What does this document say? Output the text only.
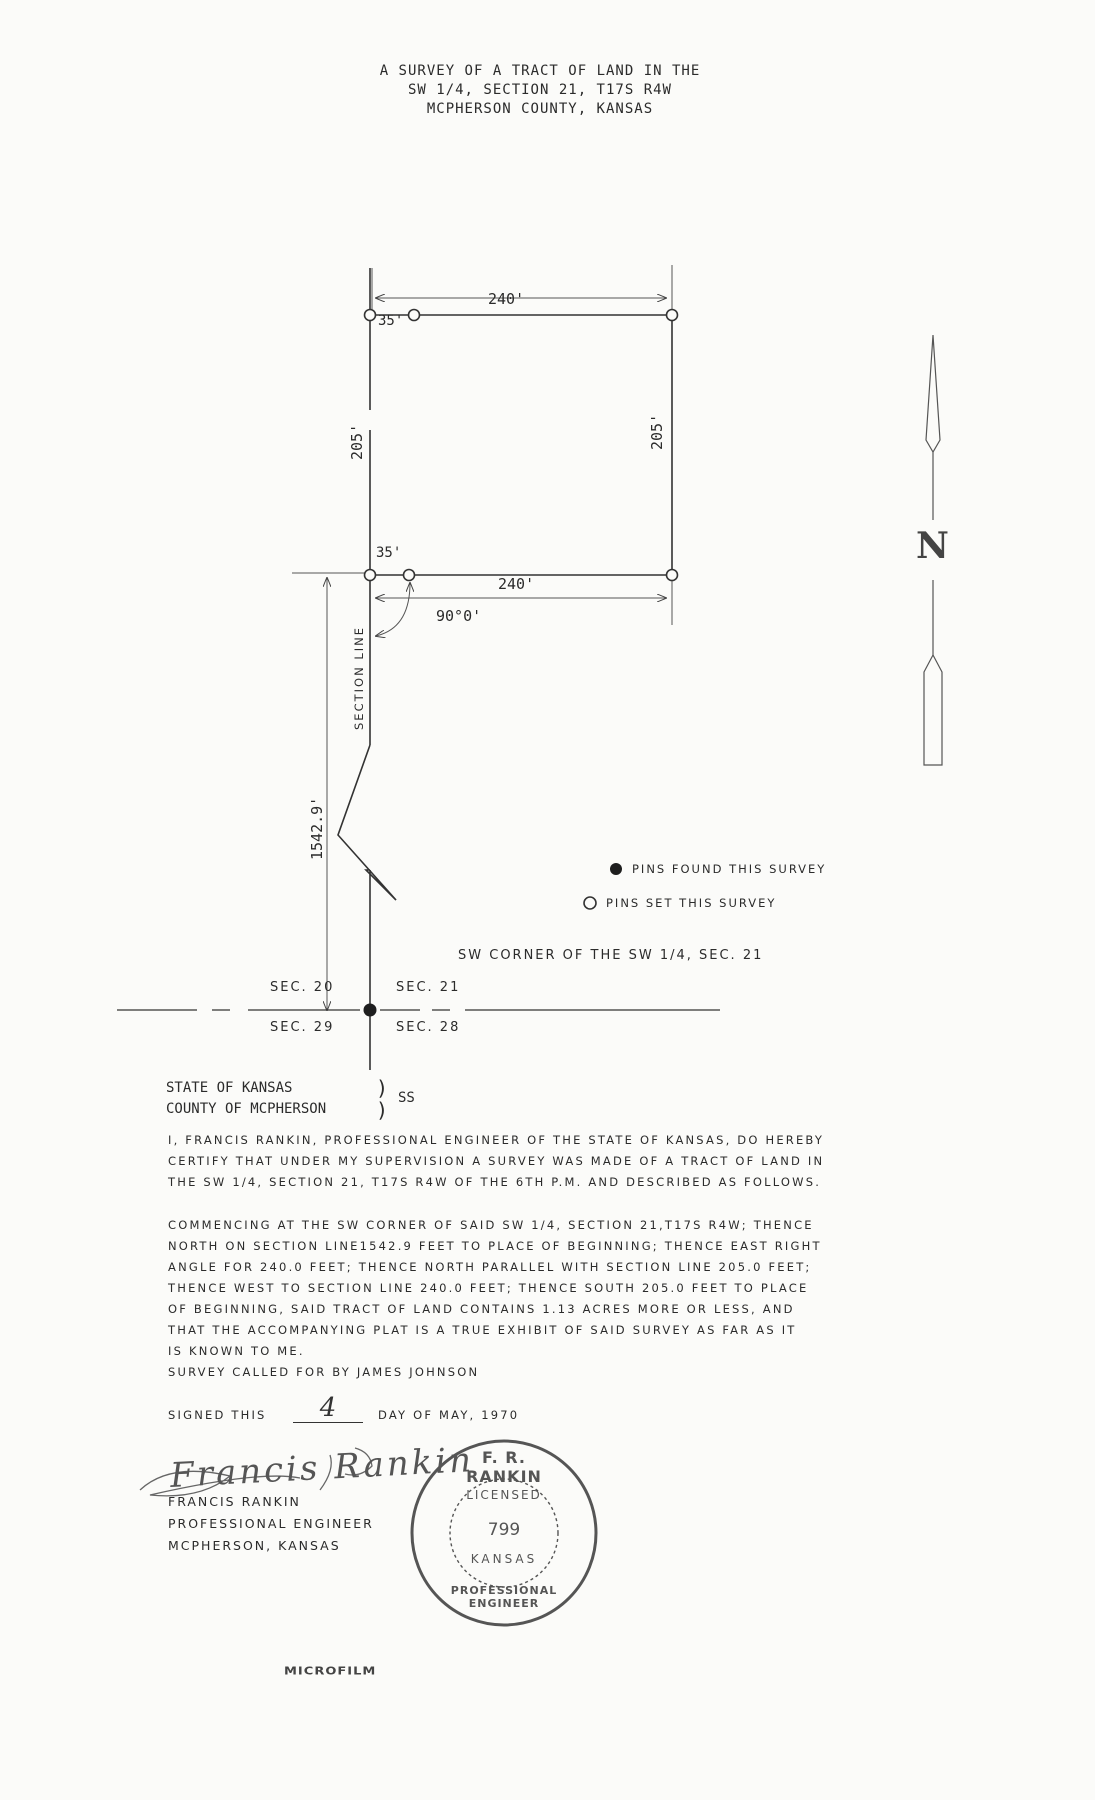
A SURVEY OF A TRACT OF LAND IN THE
SW 1/4, SECTION 21, T17S R4W
MCPHERSON COUNTY, KANSAS
240'
35'
205'	205'
35'
240'
90°0'
SECTION LINE
1542.9'
N
PINS FOUND THIS SURVEY
PINS SET THIS SURVEY
SW CORNER OF THE SW 1/4, SEC. 21
SEC. 20	SEC. 21
SEC. 29	SEC. 28
STATE OF KANSAS
COUNTY OF MCPHERSON
)
) SS
I, FRANCIS RANKIN, PROFESSIONAL ENGINEER OF THE STATE OF KANSAS, DO HEREBY
CERTIFY THAT UNDER MY SUPERVISION A SURVEY WAS MADE OF A TRACT OF LAND IN
THE SW 1/4, SECTION 21, T17S R4W OF THE 6TH P.M. AND DESCRIBED AS FOLLOWS.
COMMENCING AT THE SW CORNER OF SAID SW 1/4, SECTION 21,T17S R4W; THENCE
NORTH ON SECTION LINE1542.9 FEET TO PLACE OF BEGINNING; THENCE EAST RIGHT
ANGLE FOR 240.0 FEET; THENCE NORTH PARALLEL WITH SECTION LINE 205.0 FEET;
THENCE WEST TO SECTION LINE 240.0 FEET; THENCE SOUTH 205.0 FEET TO PLACE
OF BEGINNING, SAID TRACT OF LAND CONTAINS 1.13 ACRES MORE OR LESS, AND
THAT THE ACCOMPANYING PLAT IS A TRUE EXHIBIT OF SAID SURVEY AS FAR AS IT
IS KNOWN TO ME.
SURVEY CALLED FOR BY JAMES JOHNSON
SIGNED THIS	4	DAY OF MAY, 1970
Francis Rankin
FRANCIS RANKIN
PROFESSIONAL ENGINEER
MCPHERSON, KANSAS
F. R. RANKIN
LICENSED
799
KANSAS
PROFESSIONAL ENGINEER
MICROFILM
